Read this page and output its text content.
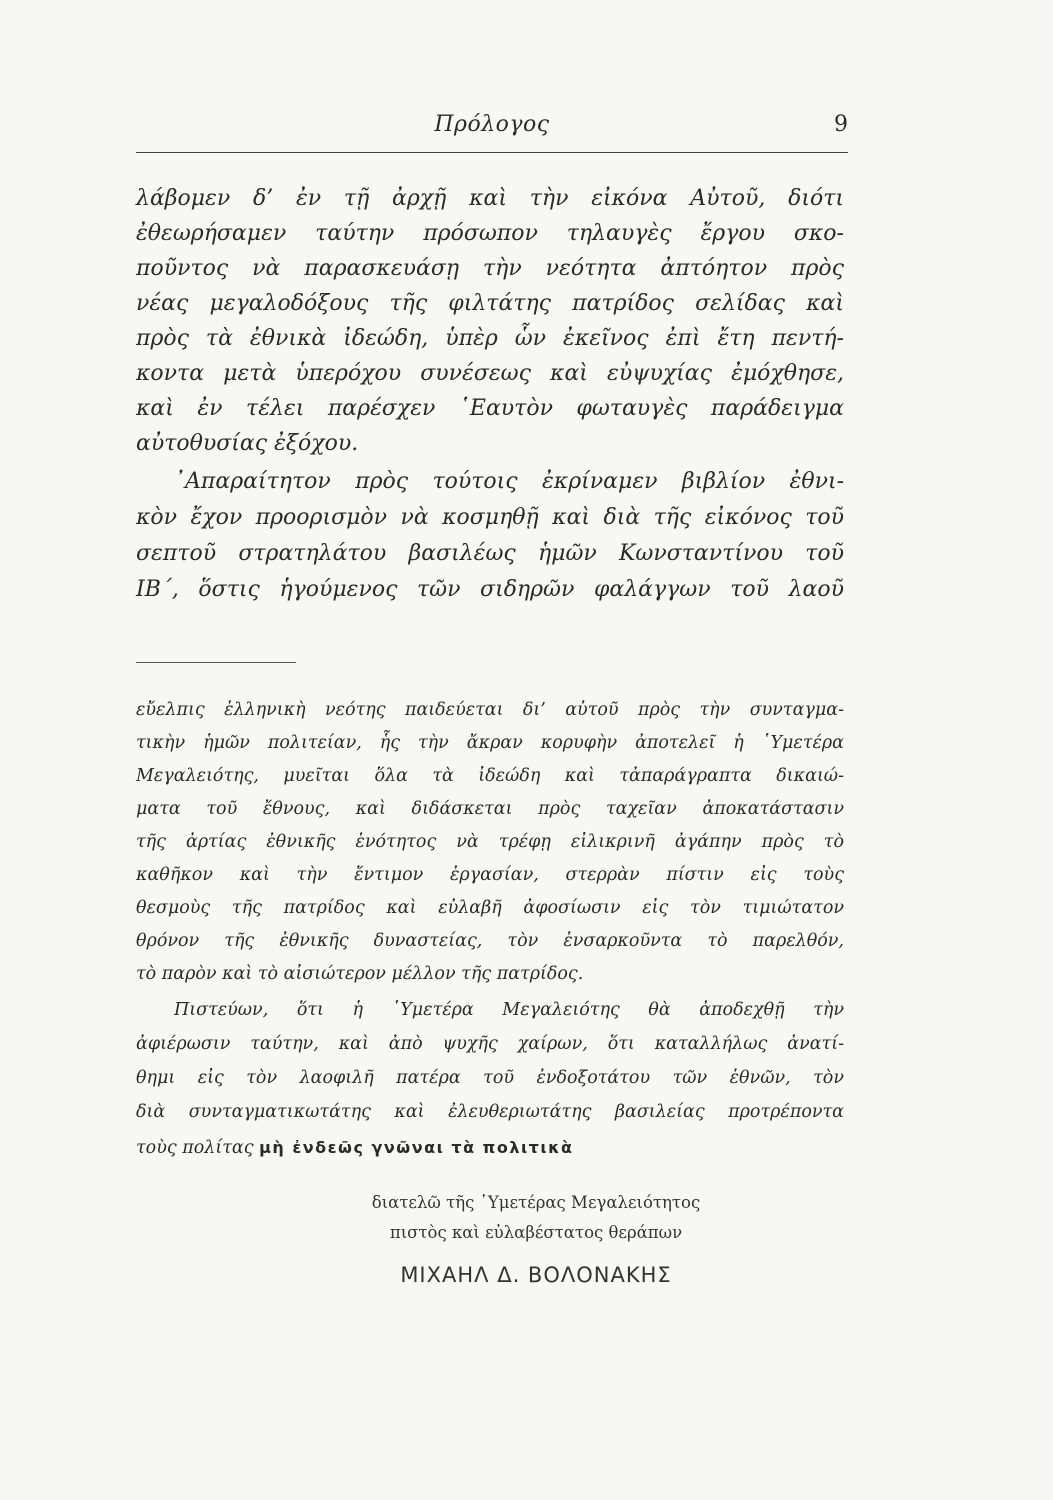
Πρόλογος	9
λάβομεν δ’ ἐν τῇ ἀρχῇ καὶ τὴν εἰκόνα Αὐτοῦ, διότι
ἐθεωρήσαμεν ταύτην πρόσωπον τηλαυγὲς ἔργου σκο-
ποῦντος νὰ παρασκευάσῃ τὴν νεότητα ἀπτόητον πρὸς
νέας μεγαλοδόξους τῆς φιλτάτης πατρίδος σελίδας καὶ
πρὸς τὰ ἐθνικὰ ἰδεώδη, ὑπὲρ ὧν ἐκεῖνος ἐπὶ ἔτη πεντή-
κοντα μετὰ ὑπερόχου συνέσεως καὶ εὐψυχίας ἐμόχθησε,
καὶ ἐν τέλει παρέσχεν ῾Εαυτὸν φωταυγὲς παράδειγμα
αὐτοθυσίας ἐξόχου.
᾿Απαραίτητον πρὸς τούτοις ἐκρίναμεν βιβλίον ἐθνι-
κὸν ἔχον προορισμὸν νὰ κοσμηθῇ καὶ διὰ τῆς εἰκόνος τοῦ
σεπτοῦ στρατηλάτου βασιλέως ἡμῶν Κωνσταντίνου τοῦ
ΙΒ΄, ὅστις ἡγούμενος τῶν σιδηρῶν φαλάγγων τοῦ λαοῦ
εὔελπις ἑλληνικὴ νεότης παιδεύεται δι’ αὐτοῦ πρὸς τὴν συνταγμα-
τικὴν ἡμῶν πολιτείαν, ἧς τὴν ἄκραν κορυφὴν ἀποτελεῖ ἡ ῾Υμετέρα
Μεγαλειότης, μυεῖται ὅλα τὰ ἰδεώδη καὶ τἀπαράγραπτα δικαιώ-
ματα τοῦ ἔθνους, καὶ διδάσκεται πρὸς ταχεῖαν ἀποκατάστασιν
τῆς ἀρτίας ἐθνικῆς ἑνότητος νὰ τρέφῃ εἰλικρινῆ ἀγάπην πρὸς τὸ
καθῆκον καὶ τὴν ἔντιμον ἐργασίαν, στερρὰν πίστιν εἰς τοὺς
θεσμοὺς τῆς πατρίδος καὶ εὐλαβῆ ἀφοσίωσιν εἰς τὸν τιμιώτατον
θρόνον τῆς ἐθνικῆς δυναστείας, τὸν ἐνσαρκοῦντα τὸ παρελθόν,
τὸ παρὸν καὶ τὸ αἰσιώτερον μέλλον τῆς πατρίδος.
Πιστεύων, ὅτι ἡ ῾Υμετέρα Μεγαλειότης θὰ ἀποδεχθῇ τὴν
ἀφιέρωσιν ταύτην, καὶ ἀπὸ ψυχῆς χαίρων, ὅτι καταλλήλως ἀνατί-
θημι εἰς τὸν λαοφιλῆ πατέρα τοῦ ἐνδοξοτάτου τῶν ἐθνῶν, τὸν
διὰ συνταγματικωτάτης καὶ ἐλευθεριωτάτης βασιλείας προτρέποντα
τοὺς πολίτας μὴ ἐνδεῶς γνῶναι τὰ πολιτικὰ
διατελῶ τῆς ῾Υμετέρας Μεγαλειότητος
πιστὸς καὶ εὐλαβέστατος θεράπων
ΜΙΧΑΗΛ Δ. ΒΟΛΟΝΑΚΗΣ
